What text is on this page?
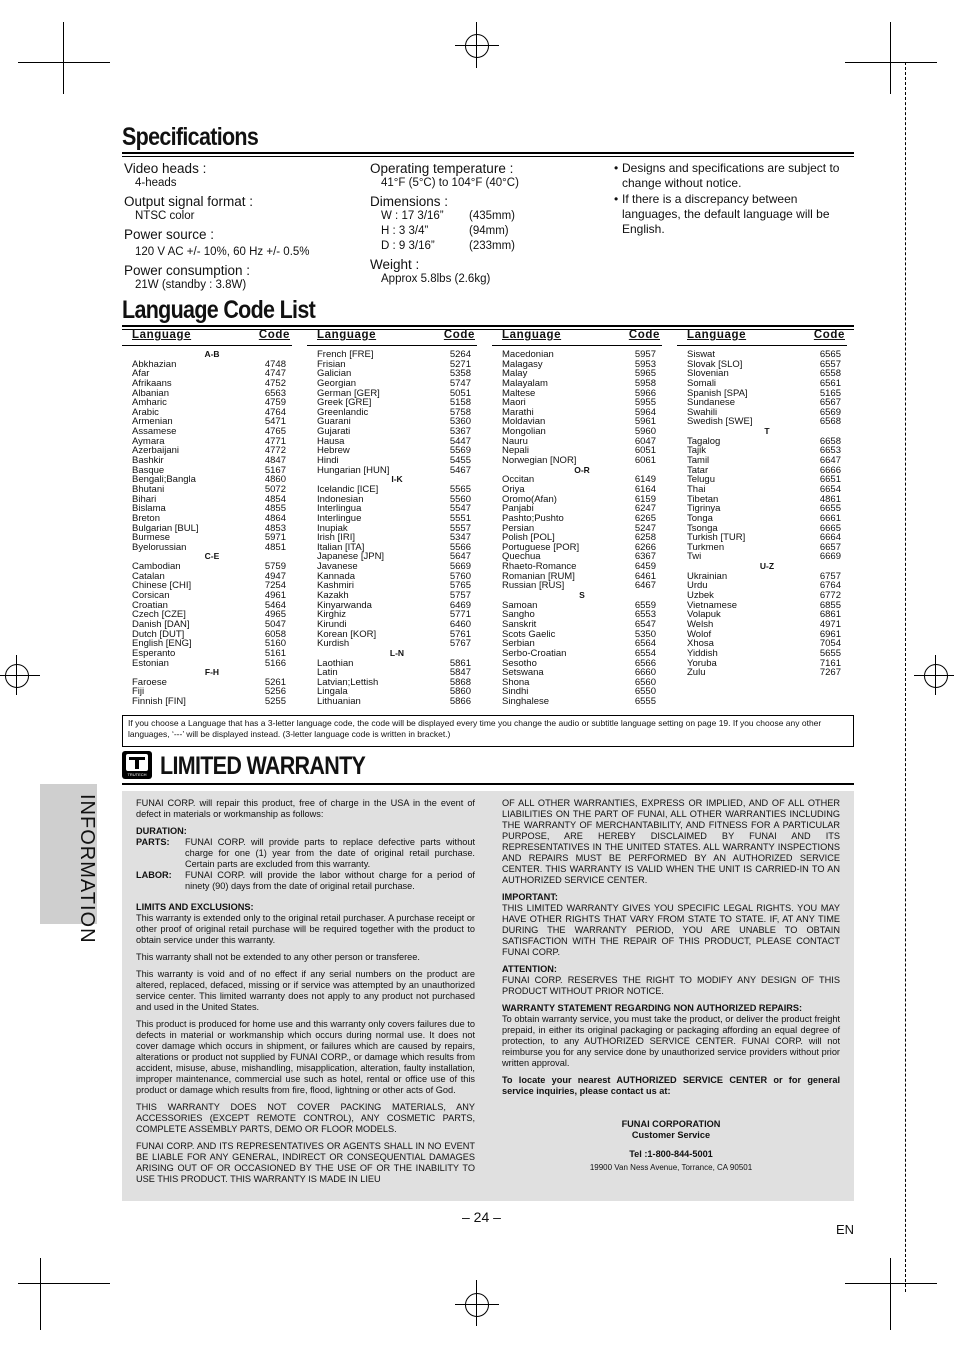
Specifications
Video heads :
4-heads
Output signal format :
NTSC color
Power source :
120 V AC +/- 10%, 60 Hz +/- 0.5%
Power consumption :
21W (standby : 3.8W)
Operating temperature :
41°F (5°C) to 104°F (40°C)
Dimensions :
W : 17 3/16” (435mm)
H : 3 3/4”	(94mm)
D : 9 3/16”	(233mm)
Weight :
Approx 5.8lbs (2.6kg)
• Designs and specifications are subject to change without notice.
• If there is a discrepancy between languages, the default language will be English.
Language Code List
Language	Code
A-B
Abkhazian	4748
Afar	4747
Afrikaans	4752
Albanian	6563
Amharic	4759
Arabic	4764
Armenian	5471
Assamese	4765
Aymara	4771
Azerbaijani	4772
Bashkir	4847
Basque	5167
Bengali;Bangla	4860
Bhutani	5072
Bihari	4854
Bislama	4855
Breton	4864
Bulgarian [BUL]	4853
Burmese	5971
Byelorussian	4851
C-E
Cambodian	5759
Catalan	4947
Chinese [CHI]	7254
Corsican	4961
Croatian	5464
Czech [CZE]	4965
Danish [DAN]	5047
Dutch [DUT]	6058
English [ENG]	5160
Esperanto	5161
Estonian	5166
F-H
Faroese	5261
Fiji	5256
Finnish [FIN]	5255
Language	Code
French [FRE]	5264
Frisian	5271
Galician	5358
Georgian	5747
German [GER]	5051
Greek [GRE]	5158
Greenlandic	5758
Guarani	5360
Gujarati	5367
Hausa	5447
Hebrew	5569
Hindi	5455
Hungarian [HUN]	5467
I-K
Icelandic [ICE]	5565
Indonesian	5560
Interlingua	5547
Interlingue	5551
Inupiak	5557
Irish [IRI]	5347
Italian [ITA]	5566
Japanese [JPN]	5647
Javanese	5669
Kannada	5760
Kashmiri	5765
Kazakh	5757
Kinyarwanda	6469
Kirghiz	5771
Kirundi	6460
Korean [KOR]	5761
Kurdish	5767
L-N
Laothian	5861
Latin	5847
Latvian;Lettish	5868
Lingala	5860
Lithuanian	5866
Language	Code
Macedonian	5957
Malagasy	5953
Malay	5965
Malayalam	5958
Maltese	5966
Maori	5955
Marathi	5964
Moldavian	5961
Mongolian	5960
Nauru	6047
Nepali	6051
Norwegian [NOR]	6061
O-R
Occitan	6149
Oriya	6164
Oromo(Afan)	6159
Panjabi	6247
Pashto;Pushto	6265
Persian	5247
Polish [POL]	6258
Portuguese [POR]	6266
Quechua	6367
Rhaeto-Romance	6459
Romanian [RUM]	6461
Russian [RUS]	6467
S
Samoan	6559
Sangho	6553
Sanskrit	6547
Scots Gaelic	5350
Serbian	6564
Serbo-Croatian	6554
Sesotho	6566
Setswana	6660
Shona	6560
Sindhi	6550
Singhalese	6555
Language	Code
Siswat	6565
Slovak [SLO]	6557
Slovenian	6558
Somali	6561
Spanish [SPA]	5165
Sundanese	6567
Swahili	6569
Swedish [SWE]	6568
T
Tagalog	6658
Tajik	6653
Tamil	6647
Tatar	6666
Telugu	6651
Thai	6654
Tibetan	4861
Tigrinya	6655
Tonga	6661
Tsonga	6665
Turkish [TUR]	6664
Turkmen	6657
Twi	6669
U-Z
Ukrainian	6757
Urdu	6764
Uzbek	6772
Vietnamese	6855
Volapuk	6861
Welsh	4971
Wolof	6961
Xhosa	7054
Yiddish	5655
Yoruba	7161
Zulu	7267
If you choose a Language that has a 3-letter language code, the code will be displayed every time you change the audio or subtitle language setting on page 19. If you choose any other languages, ‘---’ will be displayed instead. (3-letter language code is written in bracket.)
TRUTECH LIMITED WARRANTY

FUNAI CORP. will repair this product, free of charge in the USA in the event of defect in materials or workmanship as follows:

DURATION:
PARTS:	FUNAI CORP. will provide parts to replace defective parts without charge for one (1) year from the date of original retail purchase. Certain parts are excluded from this warranty.
LABOR:	FUNAI CORP. will provide the labor without charge for a period of ninety (90) days from the date of original retail purchase.
LIMITS AND EXCLUSIONS:

This warranty is extended only to the original retail purchaser. A purchase receipt or other proof of original retail purchase will be required together with the product to obtain service under this warranty.

This warranty shall not be extended to any other person or transferee.

This warranty is void and of no effect if any serial numbers on the product are altered, replaced, defaced, missing or if service was attempted by an unauthorized service center. This limited warranty does not apply to any product not purchased and used in the United States.

This product is produced for home use and this warranty only covers failures due to defects in material or workmanship which occurs during normal use. It does not cover damage which occurs in shipment, or failures which are caused by repairs, alterations or product not supplied by FUNAI CORP., or damage which results from accident, misuse, abuse, mishandling, misapplication, alteration, faulty installation, improper maintenance, commercial use such as hotel, rental or office use of this product or damage which results from fire, flood, lightning or other acts of God.

THIS WARRANTY DOES NOT COVER PACKING MATERIALS, ANY ACCESSORIES (EXCEPT REMOTE CONTROL), ANY COSMETIC PARTS, COMPLETE ASSEMBLY PARTS, DEMO OR FLOOR MODELS.

FUNAI CORP. AND ITS REPRESENTATIVES OR AGENTS SHALL IN NO EVENT BE LIABLE FOR ANY GENERAL, INDIRECT OR CONSEQUENTIAL DAMAGES ARISING OUT OF OR OCCASIONED BY THE USE OF OR THE INABILITY TO USE THIS PRODUCT. THIS WARRANTY IS MADE IN LIEU

OF ALL OTHER WARRANTIES, EXPRESS OR IMPLIED, AND OF ALL OTHER LIABILITIES ON THE PART OF FUNAI, ALL OTHER WARRANTIES INCLUDING THE WARRANTY OF MERCHANTABILITY, AND FITNESS FOR A PARTICULAR PURPOSE, ARE HEREBY DISCLAIMED BY FUNAI AND ITS REPRESENTATIVES IN THE UNITED STATES. ALL WARRANTY INSPECTIONS AND REPAIRS MUST BE PERFORMED BY AN AUTHORIZED SERVICE CENTER. THIS WARRANTY IS VALID WHEN THE UNIT IS CARRIED-IN TO AN AUTHORIZED SERVICE CENTER.

IMPORTANT:

THIS LIMITED WARRANTY GIVES YOU SPECIFIC LEGAL RIGHTS. YOU MAY HAVE OTHER RIGHTS THAT VARY FROM STATE TO STATE. IF, AT ANY TIME DURING THE WARRANTY PERIOD, YOU ARE UNABLE TO OBTAIN SATISFACTION WITH THE REPAIR OF THIS PRODUCT, PLEASE CONTACT FUNAI CORP.

ATTENTION:

FUNAI CORP. RESERVES THE RIGHT TO MODIFY ANY DESIGN OF THIS PRODUCT WITHOUT PRIOR NOTICE.

WARRANTY STATEMENT REGARDING NON AUTHORIZED REPAIRS:

To obtain warranty service, you must take the product, or deliver the product freight prepaid, in either its original packaging or packaging affording an equal degree of protection, to any AUTHORIZED SERVICE CENTER. FUNAI CORP. will not reimburse you for any service done by unauthorized service providers without prior written approval.

To locate your nearest AUTHORIZED SERVICE CENTER or for general service inquiries, please contact us at:

FUNAI CORPORATION
Customer Service
Tel :1-800-844-5001
19900 Van Ness Avenue, Torrance, CA 90501
INFORMATION
– 24 –
EN
